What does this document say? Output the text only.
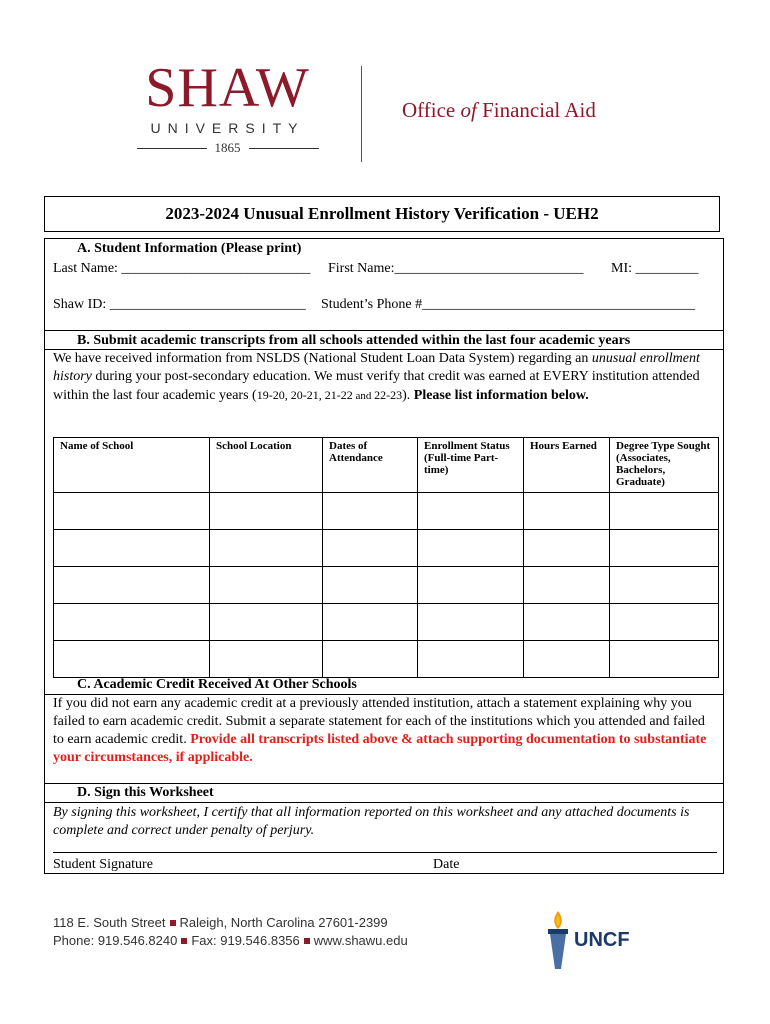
SHAW
UNIVERSITY
1865
Office of Financial Aid
2023-2024 Unusual Enrollment History Verification - UEH2
A. Student Information (Please print)
Last Name: ___________________________ First Name:___________________________ MI: _________
Shaw ID: ____________________________ Student’s Phone #_______________________________________
B. Submit academic transcripts from all schools attended within the last four academic years
We have received information from NSLDS (National Student Loan Data System) regarding an unusual enrollment history during your post-secondary education. We must verify that credit was earned at EVERY institution attended within the last four academic years (19-20, 20-21, 21-22 and 22-23). Please list information below.
Name of School	School Location	Dates of Attendance	Enrollment Status (Full-time Part-time)	Hours Earned	Degree Type Sought (Associates, Bachelors, Graduate)

C. Academic Credit Received At Other Schools
If you did not earn any academic credit at a previously attended institution, attach a statement explaining why you failed to earn academic credit. Submit a separate statement for each of the institutions which you attended and failed to earn academic credit. Provide all transcripts listed above & attach supporting documentation to substantiate your circumstances, if applicable.
D. Sign this Worksheet
By signing this worksheet, I certify that all information reported on this worksheet and any attached documents is complete and correct under penalty of perjury.
Student Signature	Date
118 E. South Street Raleigh, North Carolina 27601-2399
Phone: 919.546.8240 Fax: 919.546.8356 www.shawu.edu	UNCF
